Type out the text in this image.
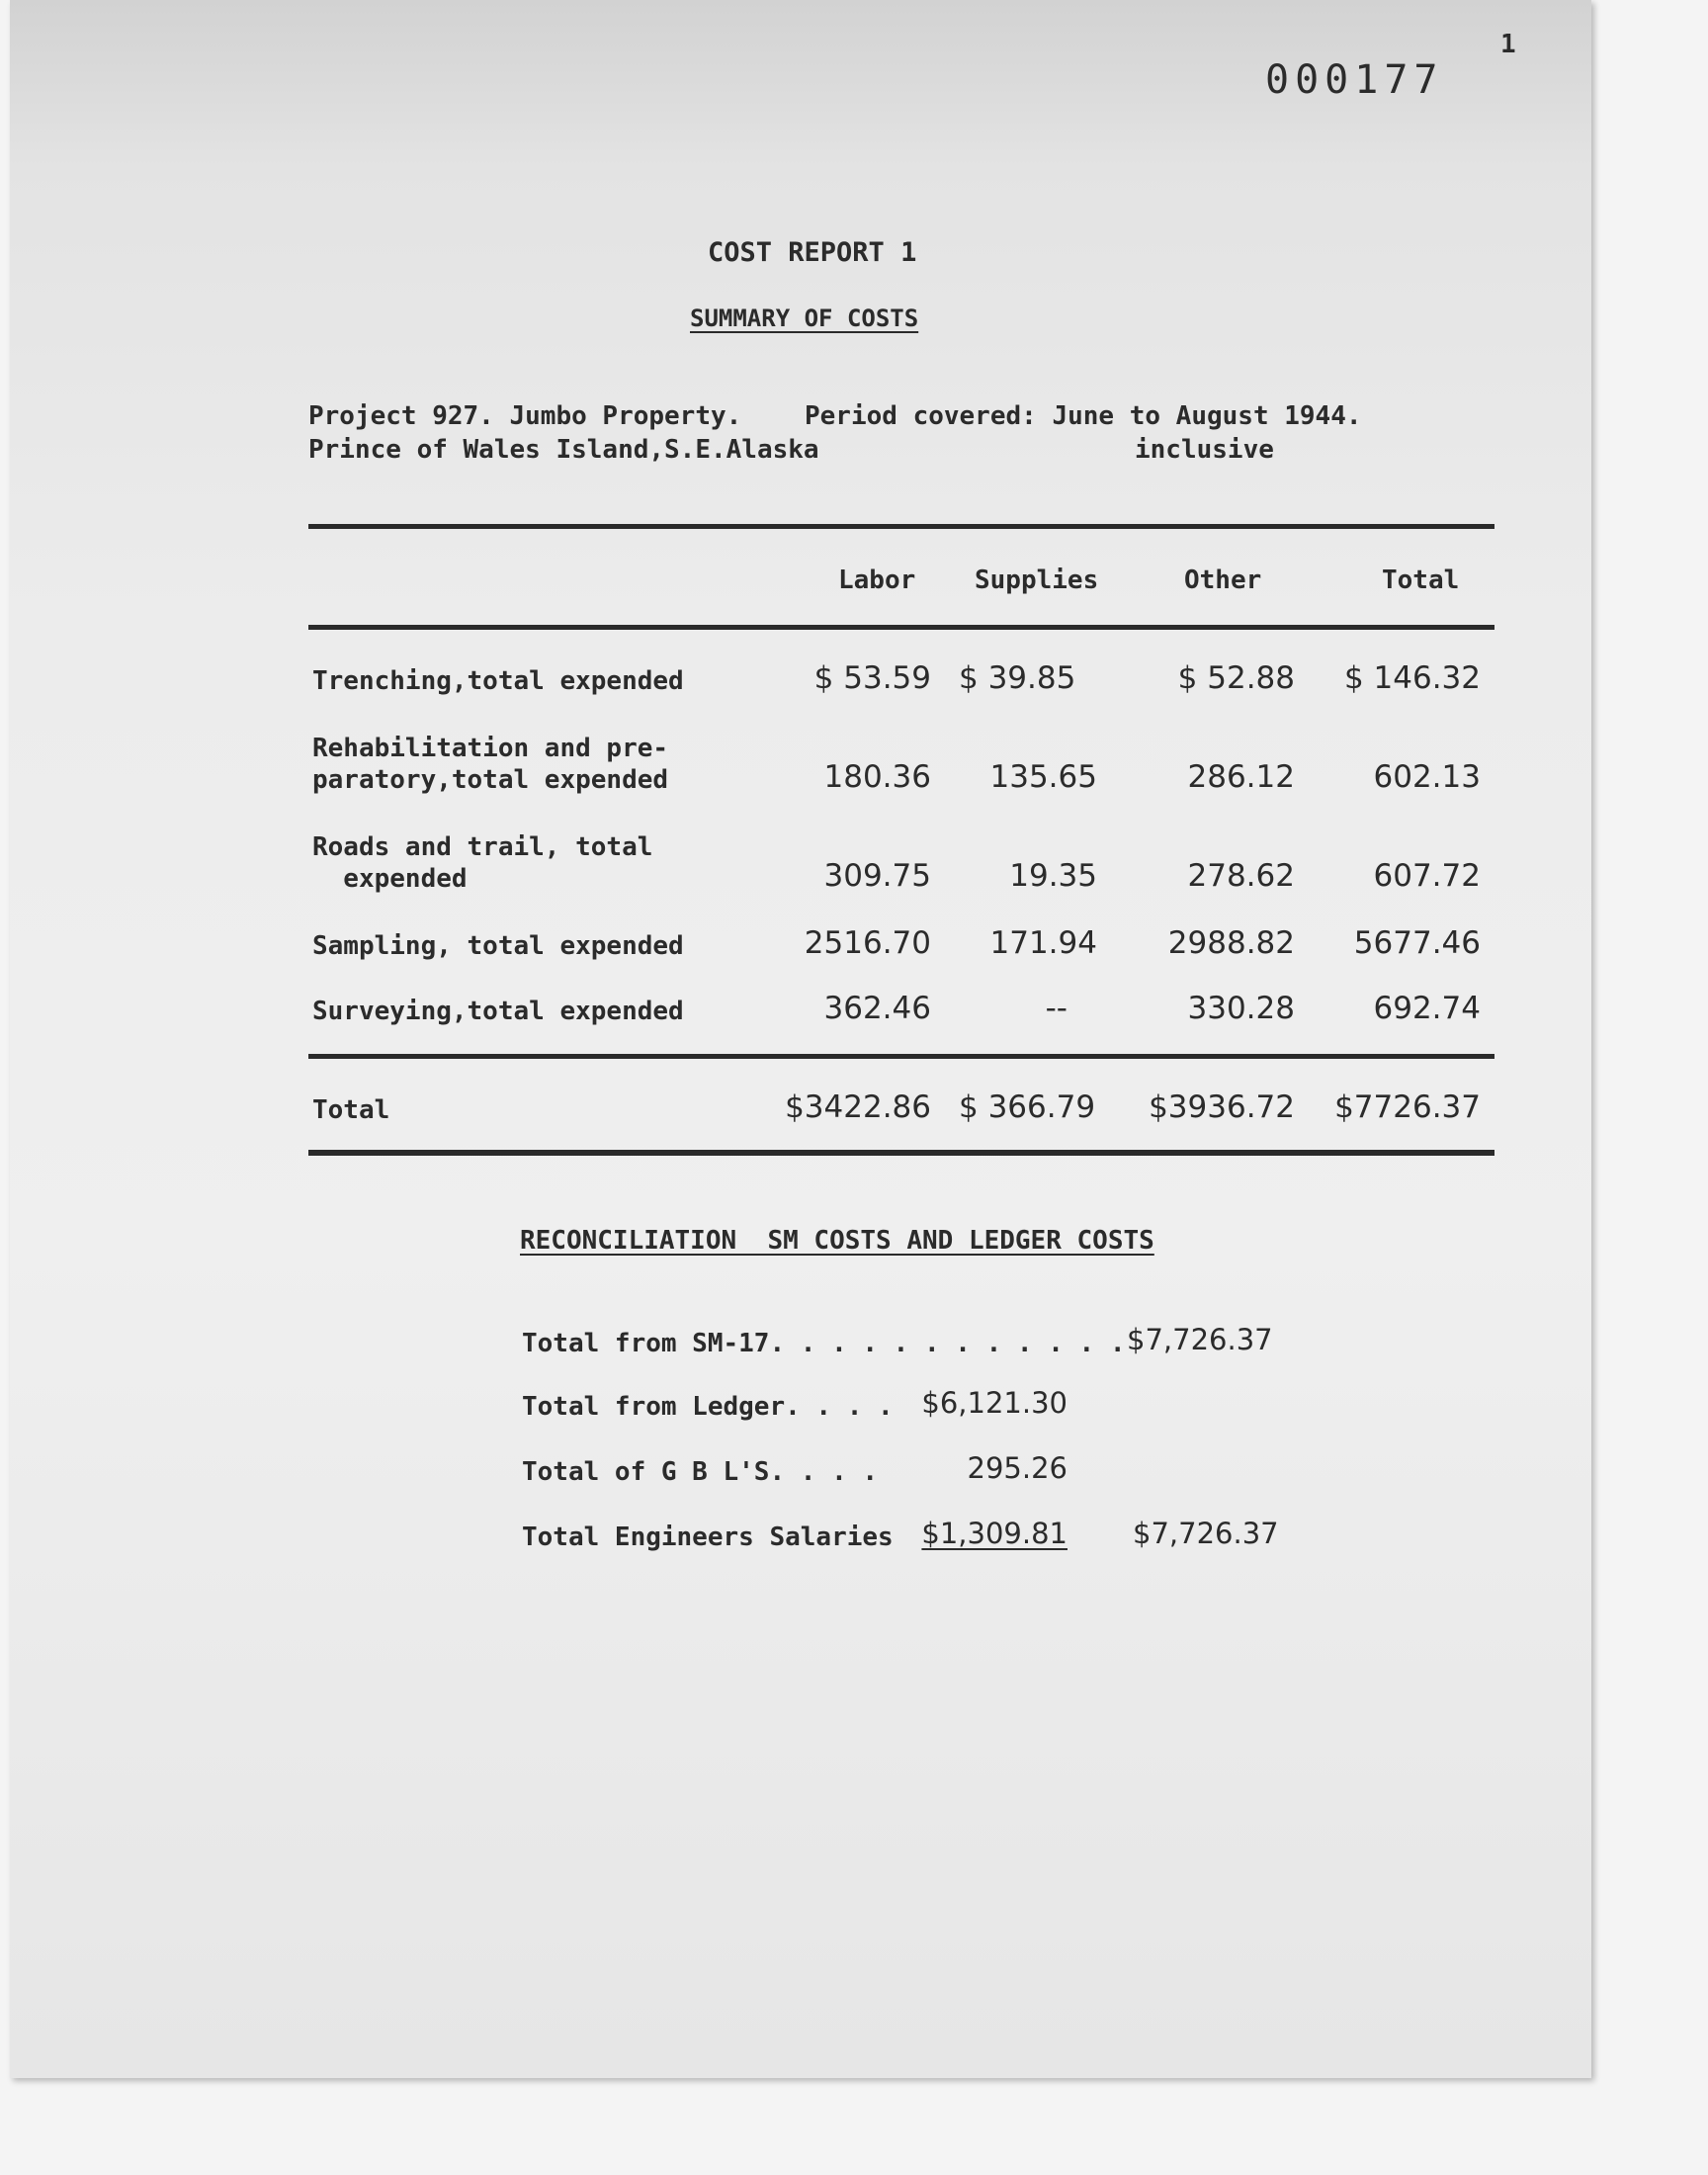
000177
1
COST REPORT 1
SUMMARY OF COSTS
Project 927. Jumbo Property.
Prince of Wales Island,S.E.Alaska
Period covered: June to August 1944.
inclusive
Labor Supplies	Other	Total
Trenching,total expended	$ 53.59 $ 39.85	$ 52.88	$ 146.32
Rehabilitation and pre-
paratory,total expended	180.36	135.65	286.12	602.13
Roads and trail, total
expended	309.75	19.35	278.62	607.72
Sampling, total expended	2516.70	171.94	2988.82	5677.46
Surveying,total expended	362.46	--	330.28	692.74
Total	$3422.86 $ 366.79	$3936.72	$7726.37
RECONCILIATION  SM COSTS AND LEDGER COSTS
Total from SM-17. . . . . . . . . . . . $7,726.37
Total from Ledger. . . . $6,121.30
Total of G B L'S. . . .	295.26
Total Engineers Salaries $1,309.81 $7,726.37
